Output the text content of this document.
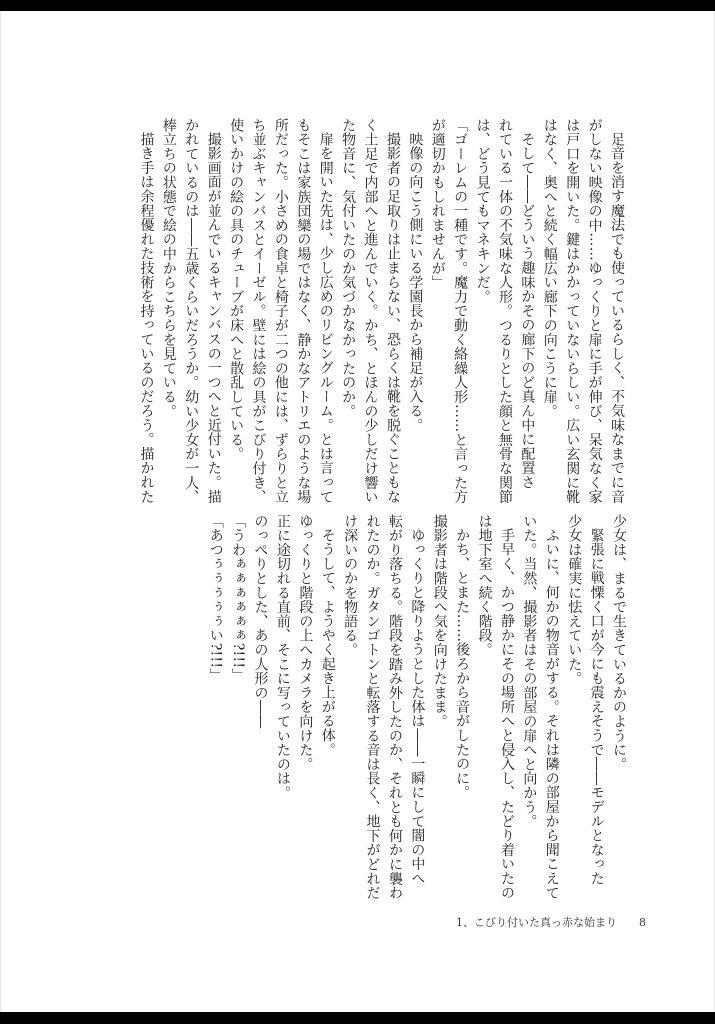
足音を消す魔法でも使っているらしく、不気味なまでに音

がしない映像の中……ゆっくりと扉に手が伸び、呆気なく家

は戸口を開いた。鍵はかかっていないらしい。広い玄関に靴

はなく、奥へと続く幅広い廊下の向こうに扉。

そして――どういう趣味かその廊下のど真ん中に配置さ

れている一体の不気味な人形。つるりとした顔と無骨な関節

は、どう見てもマネキンだ。

「ゴーレムの一種です。魔力で動く絡繰人形……と言った方

が適切かもしれませんが」

映像の向こう側にいる学園長から補足が入る。

撮影者の足取りは止まらない、恐らくは靴を脱ぐこともな

く土足で内部へと進んでいく。かち、とほんの少しだけ響い

た物音に、気付いたのか気づかなかったのか。

扉を開いた先は、少し広めのリビングルーム。とは言って

もそこは家族団欒の場ではなく、静かなアトリエのような場

所だった。小さめの食卓と椅子が二つの他には、ずらりと立

ち並ぶキャンバスとイーゼル。壁には絵の具がこびり付き、

使いかけの絵の具のチューブが床へと散乱している。

撮影画面が並んでいるキャンバスの一つへと近付いた。描

かれているのは――五歳くらいだろうか。幼い少女が一人、

棒立ちの状態で絵の中からこちらを見ている。

描き手は余程優れた技術を持っているのだろう。描かれた

少女は、まるで生きているかのように。

緊張に戦慄く口が今にも震えそうで――モデルとなった

少女は確実に怯えていた。

ふいに、何かの物音がする。それは隣の部屋から聞こえて

いた。当然、撮影者はその部屋の扉へと向かう。

手早く、かつ静かにその場所へと侵入し、たどり着いたの

は地下室へ続く階段。

かち、とまた……後ろから音がしたのに。

撮影者は階段へ気を向けたまま。

ゆっくりと降りようとした体は――一瞬にして闇の中へ

転がり落ちる。階段を踏み外したのか、それとも何かに襲わ

れたのか。ガタンゴトンと転落する音は長く、地下がどれだ

け深いのかを物語る。

そうして、ようやく起き上がる体。

ゆっくりと階段の上へカメラを向けた。

正に途切れる直前、そこに写っていたのは。

のっぺりとした、あの人形の――

「うわぁぁぁぁぁぁ?!!!」

「あつぅぅぅぅぅい?!!!」

1、こびり付いた真っ赤な始まり 8
